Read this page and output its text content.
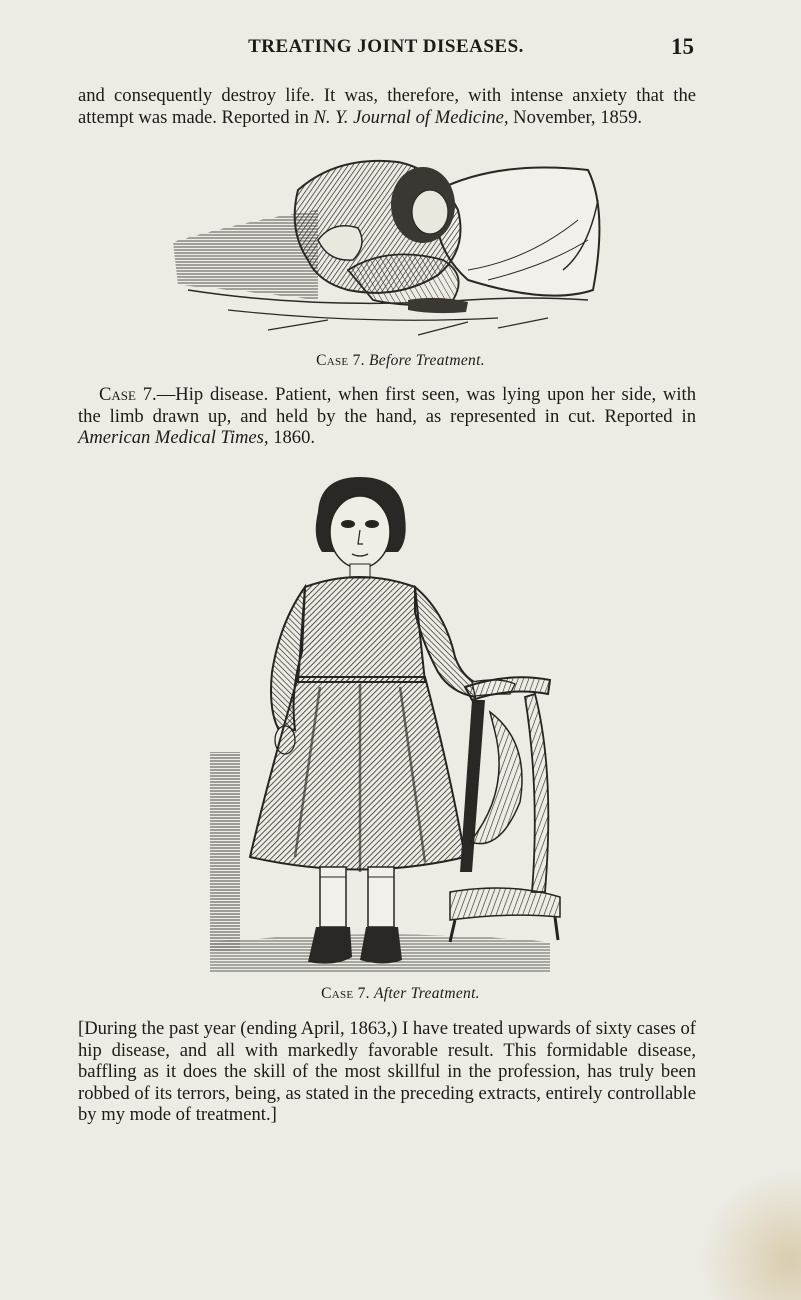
TREATING JOINT DISEASES.	15

and consequently destroy life. It was, therefore, with intense anxiety that the attempt was made. Reported in N. Y. Journal of Medicine, November, 1859.

Case 7. Before Treatment.

Case 7.—Hip disease. Patient, when first seen, was lying upon her side, with the limb drawn up, and held by the hand, as represented in cut. Reported in American Medical Times, 1860.

Case 7. After Treatment.

[During the past year (ending April, 1863,) I have treated upwards of sixty cases of hip disease, and all with markedly favorable result. This formidable disease, baffling as it does the skill of the most skillful in the profession, has truly been robbed of its terrors, being, as stated in the preceding extracts, entirely controllable by my mode of treatment.]
